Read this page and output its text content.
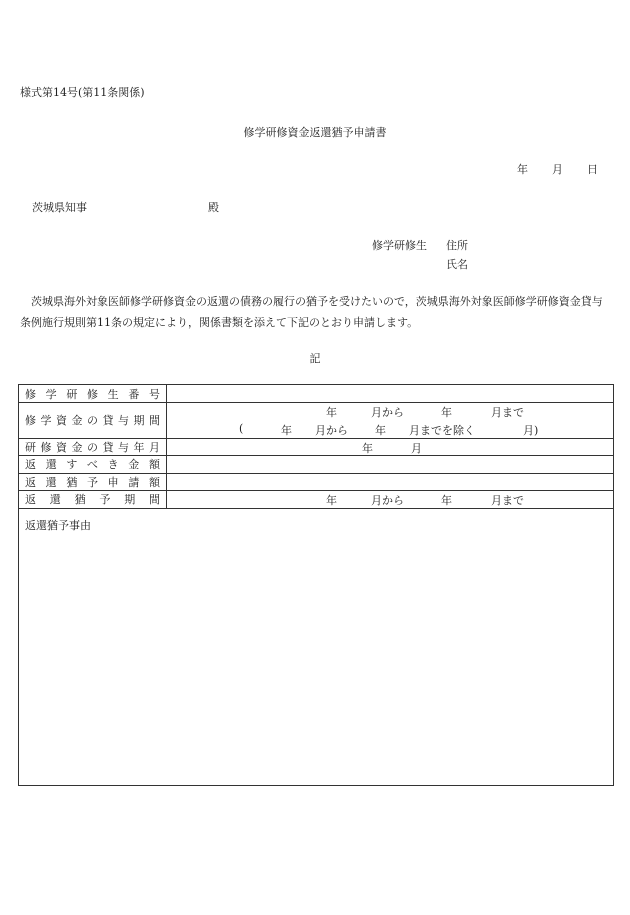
様式第14号(第11条関係)
修学研修資金返還猶予申請書
年 月 日
茨城県知事	殿
修学研修生 住所
氏名
茨城県海外対象医師修学研修資金の返還の債務の履行の猶予を受けたいので，茨城県海外対象医師修学研修資金貸与条例施行規則第11条の規定により，関係書類を添えて下記のとおり申請します。
記
修学研修生番号
修学資金の貸与期間
年	月から	年	月まで
(	年 月から 年 月までを除く	月)
研修資金の貸与年月	年	月
返還すべき金額
返還猶予申請額
返還猶予期間	年	月から	年	月まで
返還猶予事由
